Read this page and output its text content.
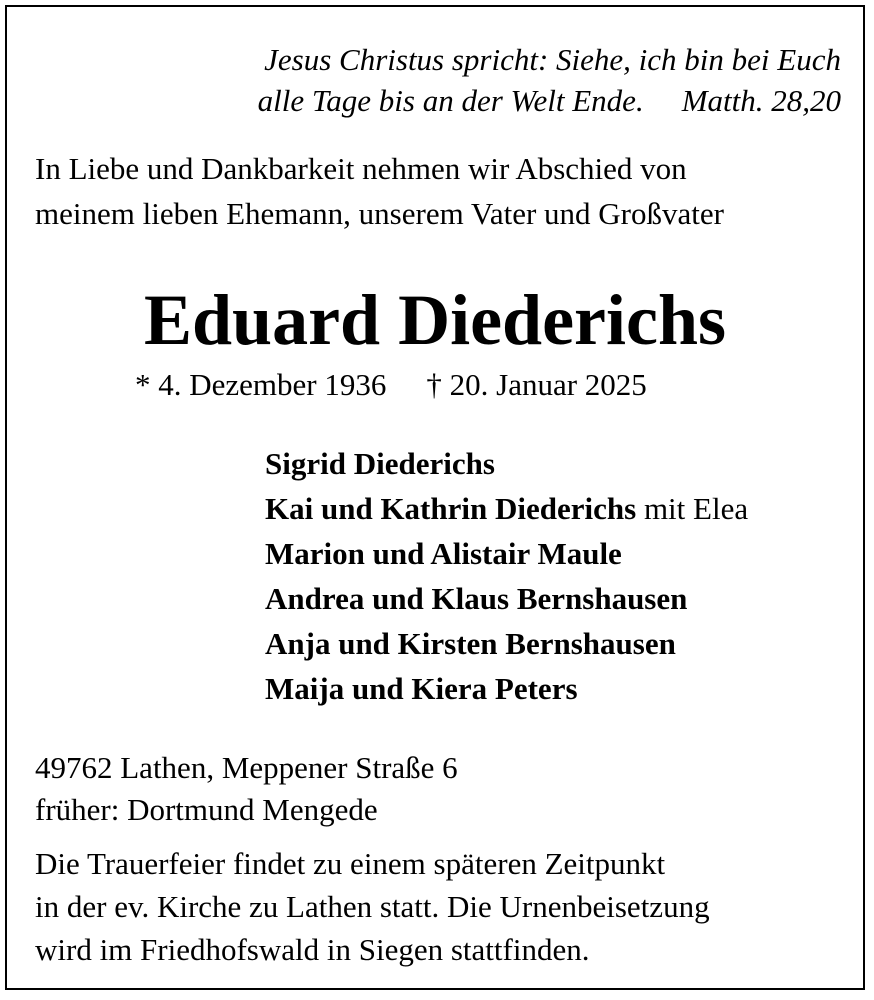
Jesus Christus spricht: Siehe, ich bin bei Euch
alle Tage bis an der Welt Ende. Matth. 28,20
In Liebe und Dankbarkeit nehmen wir Abschied von
meinem lieben Ehemann, unserem Vater und Großvater
Eduard Diederichs
* 4. Dezember 1936 † 20. Januar 2025
Sigrid Diederichs
Kai und Kathrin Diederichs mit Elea
Marion und Alistair Maule
Andrea und Klaus Bernshausen
Anja und Kirsten Bernshausen
Maija und Kiera Peters
49762 Lathen, Meppener Straße 6
früher: Dortmund Mengede
Die Trauerfeier findet zu einem späteren Zeitpunkt
in der ev. Kirche zu Lathen statt. Die Urnenbeisetzung
wird im Friedhofswald in Siegen stattfinden.
